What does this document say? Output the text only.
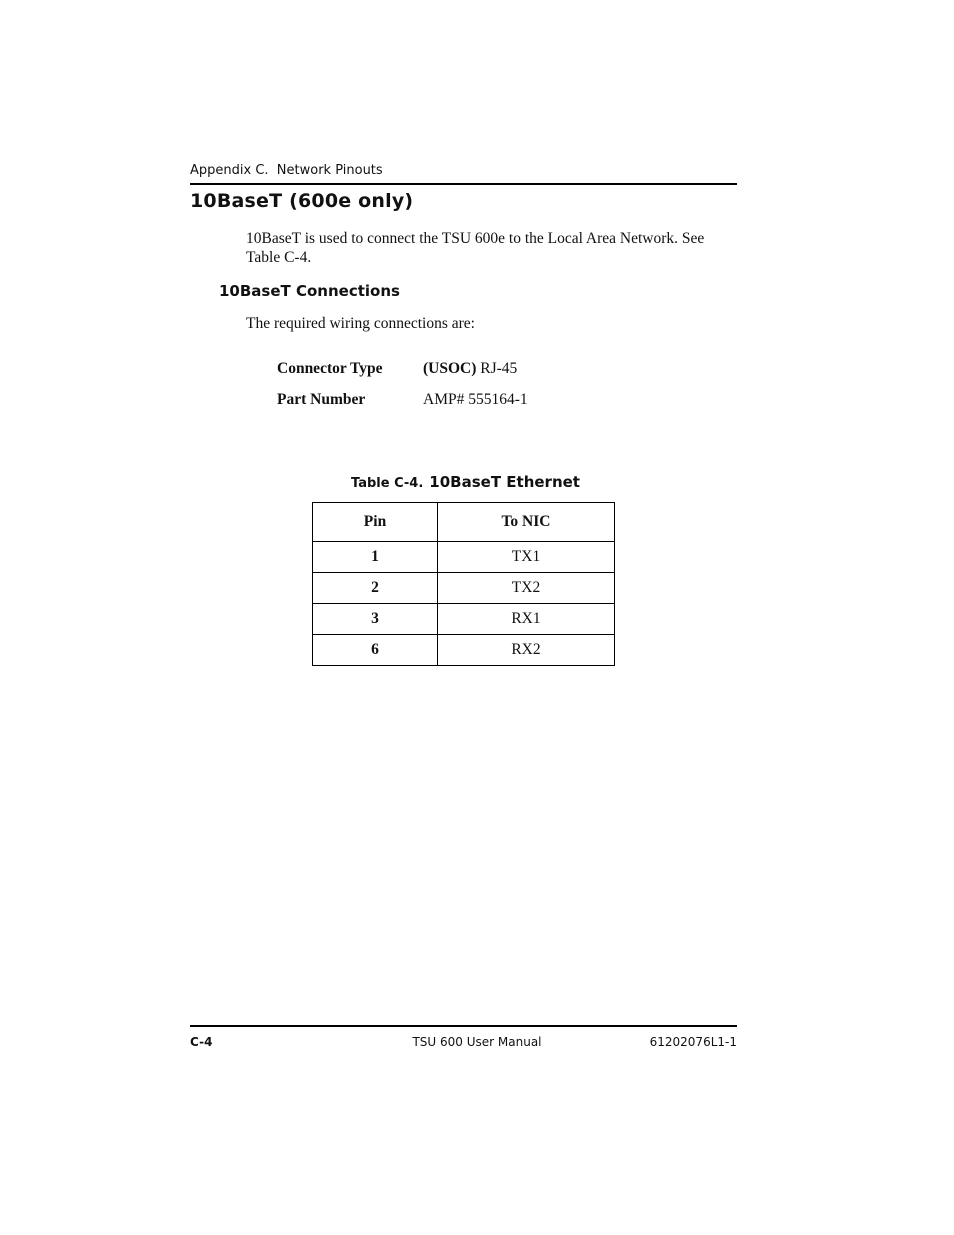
Appendix C.  Network Pinouts
10BaseT (600e only)
10BaseT is used to connect the TSU 600e to the Local Area Network. See Table C-4.
10BaseT Connections
The required wiring connections are:
Connector Type	(USOC) RJ-45
Part Number	AMP# 555164-1
Table C-4. 10BaseT Ethernet
Pin	To NIC
1	TX1
2	TX2
3	RX1
6	RX2
C-4	TSU 600 User Manual	61202076L1-1
